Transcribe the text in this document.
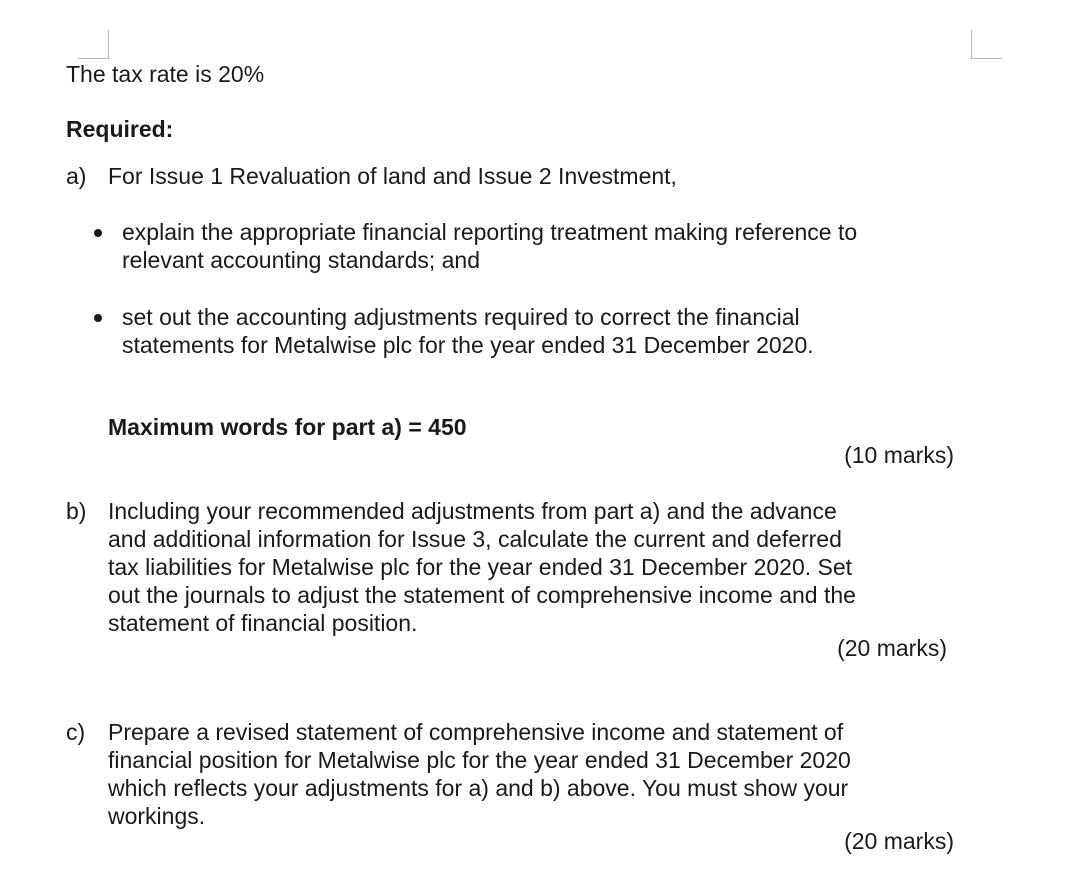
The tax rate is 20%

Required:

a) For Issue 1 Revaluation of land and Issue 2 Investment,

explain the appropriate financial reporting treatment making reference to
relevant accounting standards; and
set out the accounting adjustments required to correct the financial
statements for Metalwise plc for the year ended 31 December 2020.

Maximum words for part a) = 450

(10 marks)

b) Including your recommended adjustments from part a) and the advance
and additional information for Issue 3, calculate the current and deferred
tax liabilities for Metalwise plc for the year ended 31 December 2020. Set
out the journals to adjust the statement of comprehensive income and the
statement of financial position.

(20 marks)

c) Prepare a revised statement of comprehensive income and statement of
financial position for Metalwise plc for the year ended 31 December 2020
which reflects your adjustments for a) and b) above. You must show your
workings.

(20 marks)
